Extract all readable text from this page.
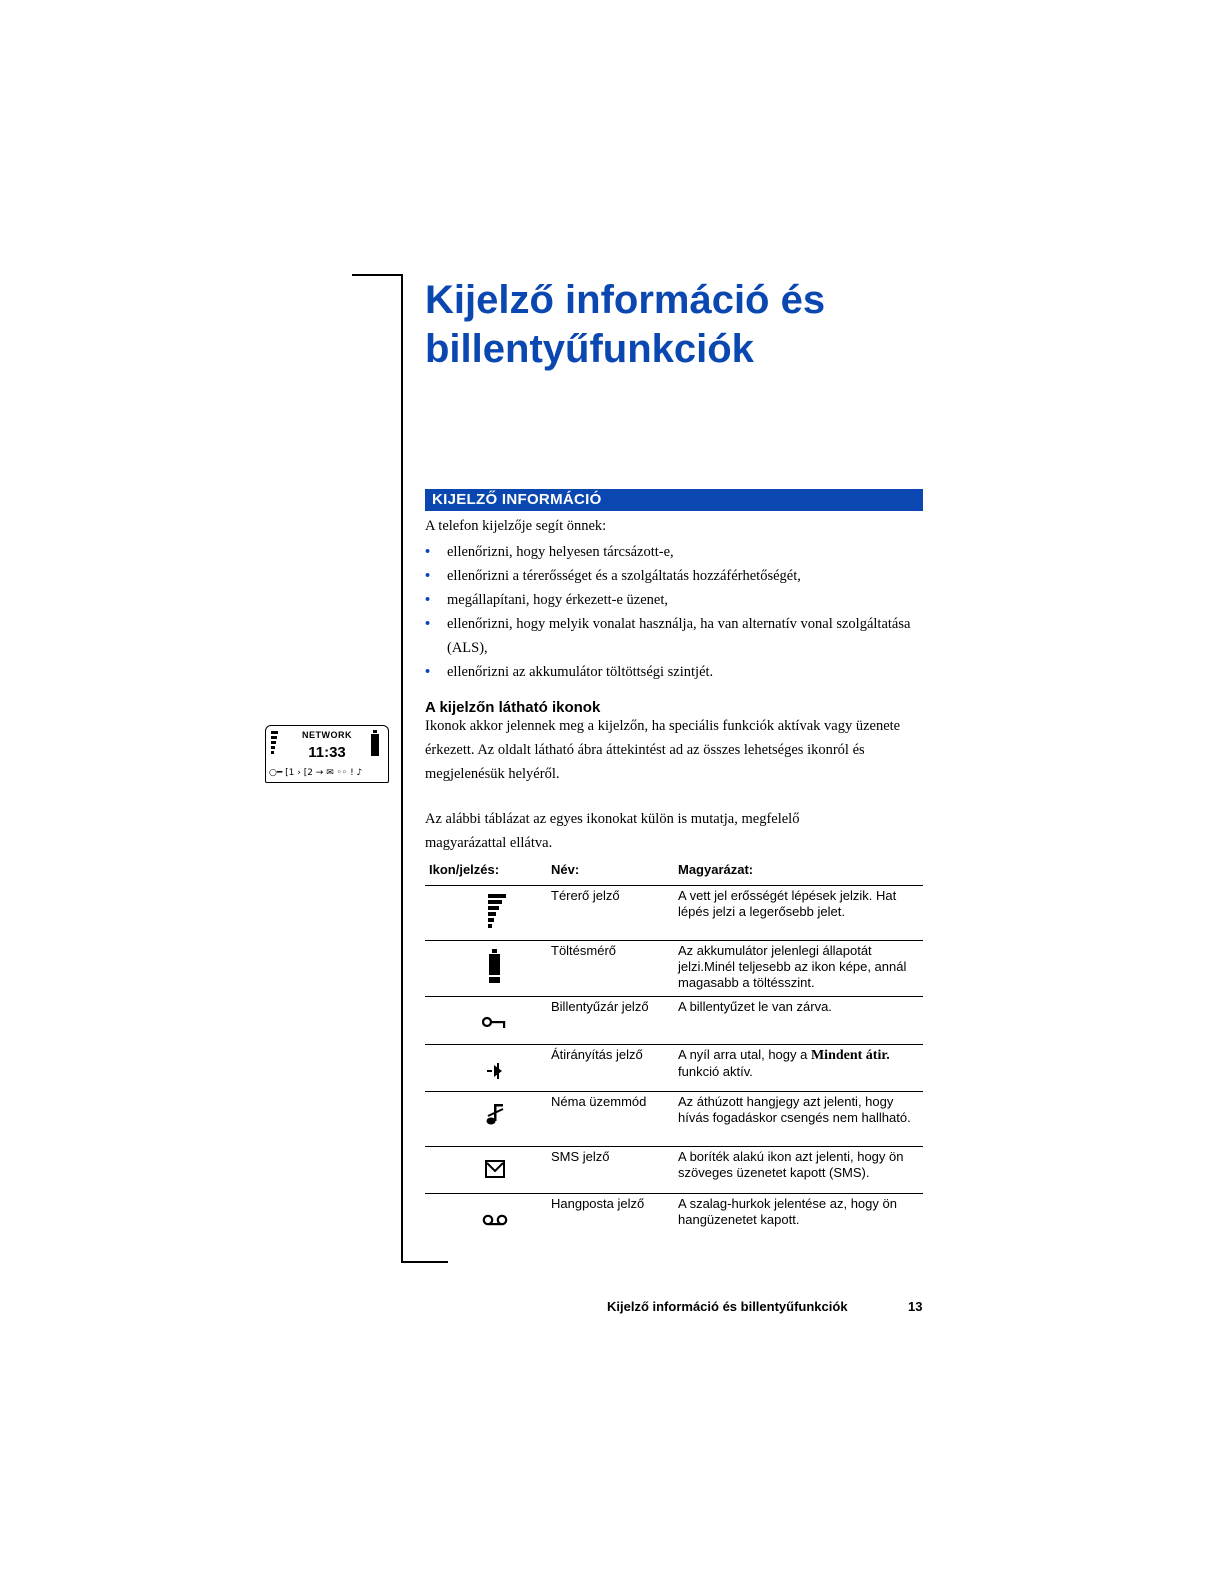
Kijelző információ és billentyűfunkciók
KIJELZŐ INFORMÁCIÓ

A telefon kijelzője segít önnek:

• ellenőrizni, hogy helyesen tárcsázott-e,
• ellenőrizni a térerősséget és a szolgáltatás hozzáférhetőségét,
• megállapítani, hogy érkezett-e üzenet,
• ellenőrizni, hogy melyik vonalat használja, ha van alternatív vonal szolgáltatása (ALS),
• ellenőrizni az akkumulátor töltöttségi szintjét.
A kijelzőn látható ikonok
NETWORK
11:33
○━ [1 › [2 → ✉ ◦◦ ! ♪

Ikonok akkor jelennek meg a kijelzőn, ha speciális funkciók aktívak vagy üzenete érkezett. Az oldalt látható ábra áttekintést ad az összes lehetséges ikonról és megjelenésük helyéről.

Az alábbi táblázat az egyes ikonokat külön is mutatja, megfelelő magyarázattal ellátva.

Ikon/jelzés:	Név:	Magyarázat:
Térerő jelző	A vett jel erősségét lépések jelzik. Hat lépés jelzi a legerősebb jelet.
Töltésmérő	Az akkumulátor jelenlegi állapotát jelzi.Minél teljesebb az ikon képe, annál magasabb a töltésszint.
Billentyűzár jelző	A billentyűzet le van zárva.
Átirányítás jelző	A nyíl arra utal, hogy a Mindent átir. funkció aktív.
Néma üzemmód	Az áthúzott hangjegy azt jelenti, hogy hívás fogadáskor csengés nem hallható.
SMS jelző	A boríték alakú ikon azt jelenti, hogy ön szöveges üzenetet kapott (SMS).
Hangposta jelző	A szalag-hurkok jelentése az, hogy ön hangüzenetet kapott.
Kijelző információ és billentyűfunkciók	13
